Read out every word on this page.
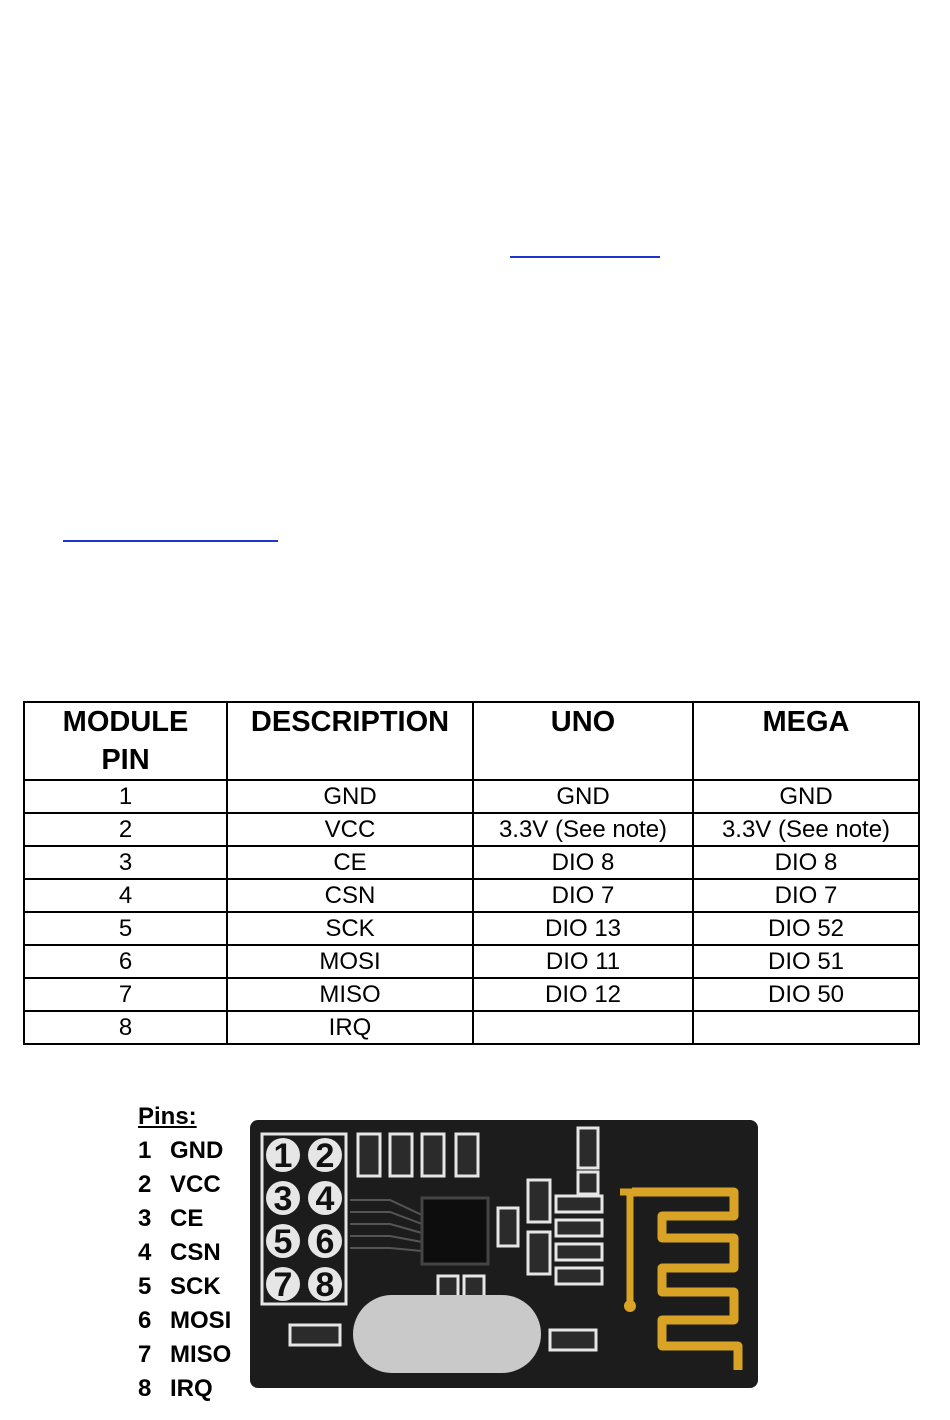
MODULE PIN	DESCRIPTION	UNO	MEGA
1	GND	GND	GND
2	VCC	3.3V (See note)	3.3V (See note)
3	CE	DIO 8	DIO 8
4	CSN	DIO 7	DIO 7
5	SCK	DIO 13	DIO 52
6	MOSI	DIO 11	DIO 51
7	MISO	DIO 12	DIO 50
8	IRQ		
Pins:
1 GND
2 VCC
3 CE
4 CSN
5 SCK
6 MOSI
7 MISO
8 IRQ
1 2
3 4
5 6
7 8
